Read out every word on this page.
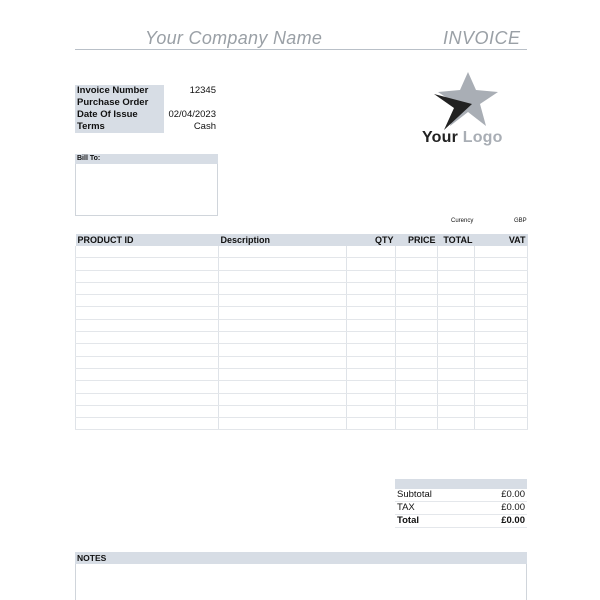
Your Company Name	INVOICE
Invoice Number	12345
Purchase Order	
Date Of Issue	02/04/2023
Terms	Cash
Your Logo
Bill To:
Curency	GBP
PRODUCT ID	Description	QTY	PRICE	TOTAL	VAT

Subtotal	£0.00
TAX	£0.00
Total	£0.00
NOTES
